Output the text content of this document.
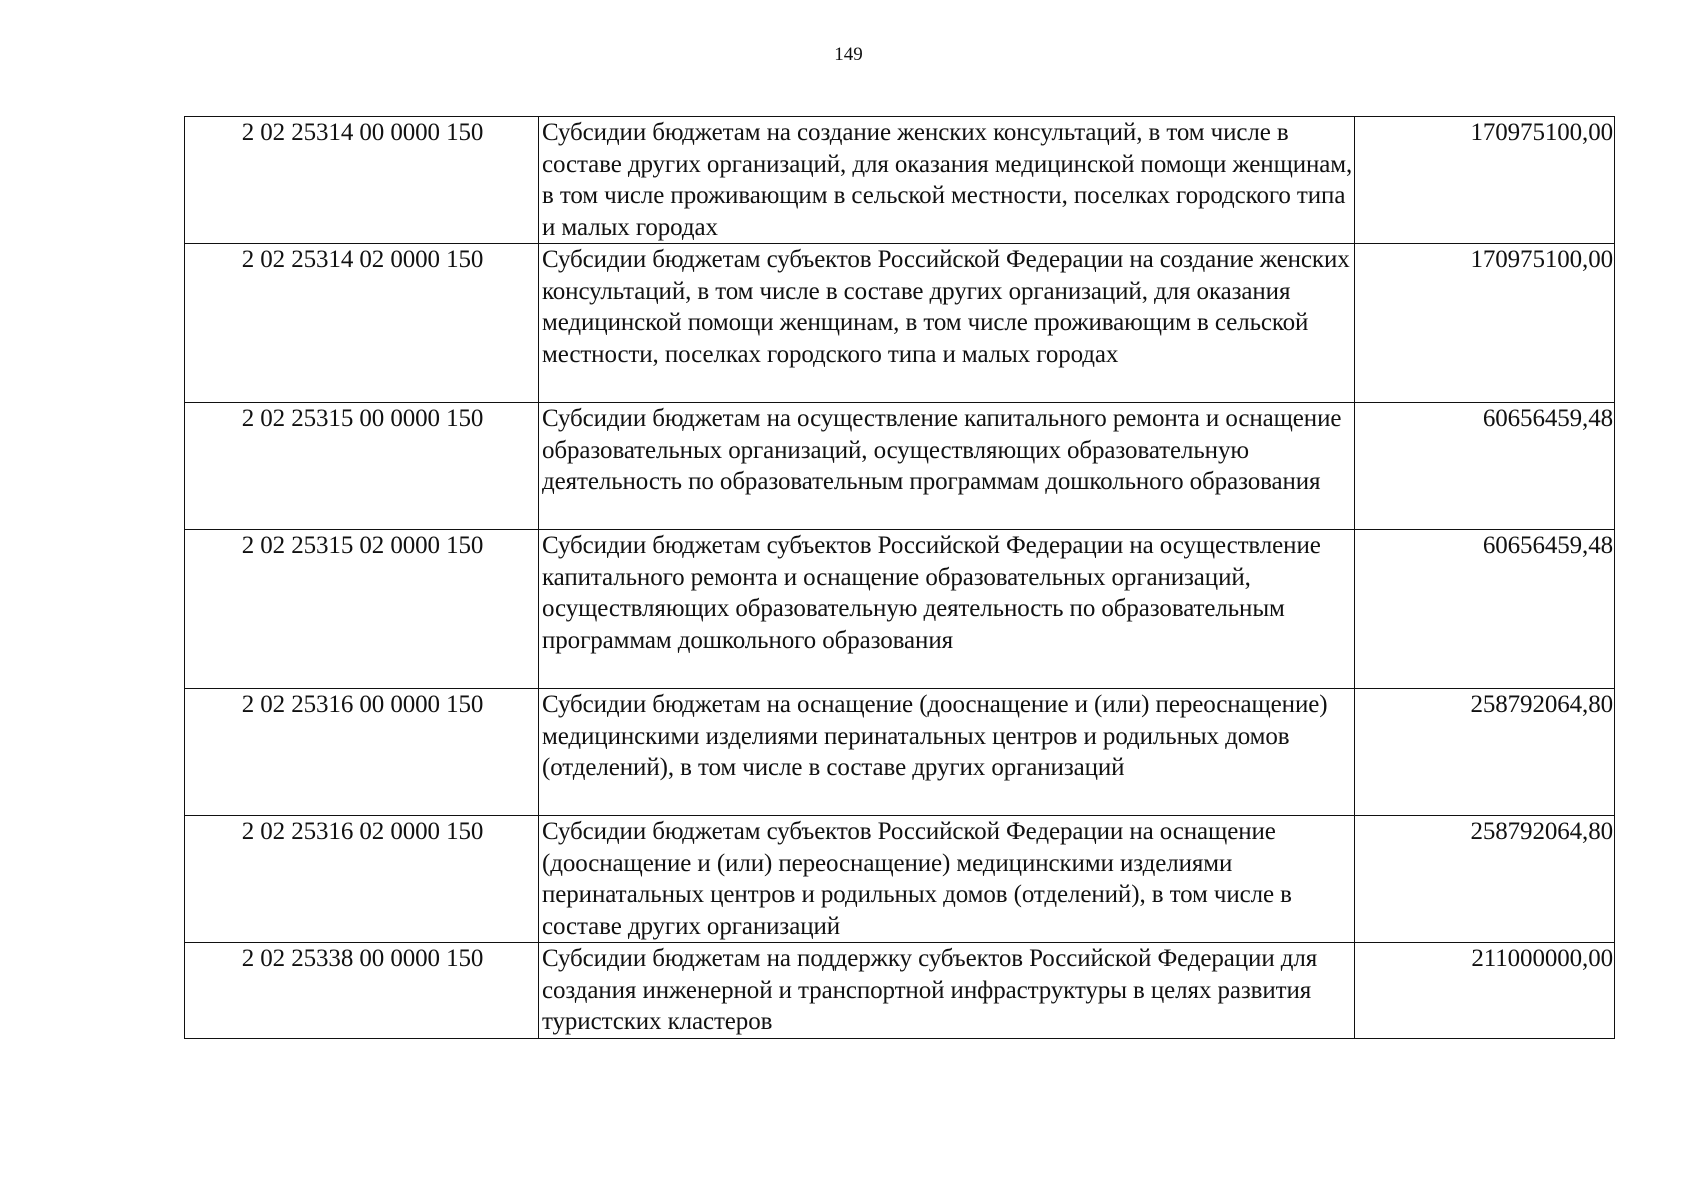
149
2 02 25314 00 0000 150	Субсидии бюджетам на создание женских консультаций, в том числе в составе других организаций, для оказания медицинской помощи женщинам, в том числе проживающим в сельской местности, поселках городского типа и малых городах	170975100,00
2 02 25314 02 0000 150	Субсидии бюджетам субъектов Российской Федерации на создание женских консультаций, в том числе в составе других организаций, для оказания медицинской помощи женщинам, в том числе проживающим в сельской местности, поселках городского типа и малых городах	170975100,00
2 02 25315 00 0000 150	Субсидии бюджетам на осуществление капитального ремонта и оснащение образовательных организаций, осуществляющих образовательную деятельность по образовательным программам дошкольного образования	60656459,48
2 02 25315 02 0000 150	Субсидии бюджетам субъектов Российской Федерации на осуществление капитального ремонта и оснащение образовательных организаций, осуществляющих образовательную деятельность по образовательным программам дошкольного образования	60656459,48
2 02 25316 00 0000 150	Субсидии бюджетам на оснащение (дооснащение и (или) переоснащение) медицинскими изделиями перинатальных центров и родильных домов (отделений), в том числе в составе других организаций	258792064,80
2 02 25316 02 0000 150	Субсидии бюджетам субъектов Российской Федерации на оснащение (дооснащение и (или) переоснащение) медицинскими изделиями перинатальных центров и родильных домов (отделений), в том числе в составе других организаций	258792064,80
2 02 25338 00 0000 150	Субсидии бюджетам на поддержку субъектов Российской Федерации для создания инженерной и транспортной инфраструктуры в целях развития туристских кластеров	211000000,00
